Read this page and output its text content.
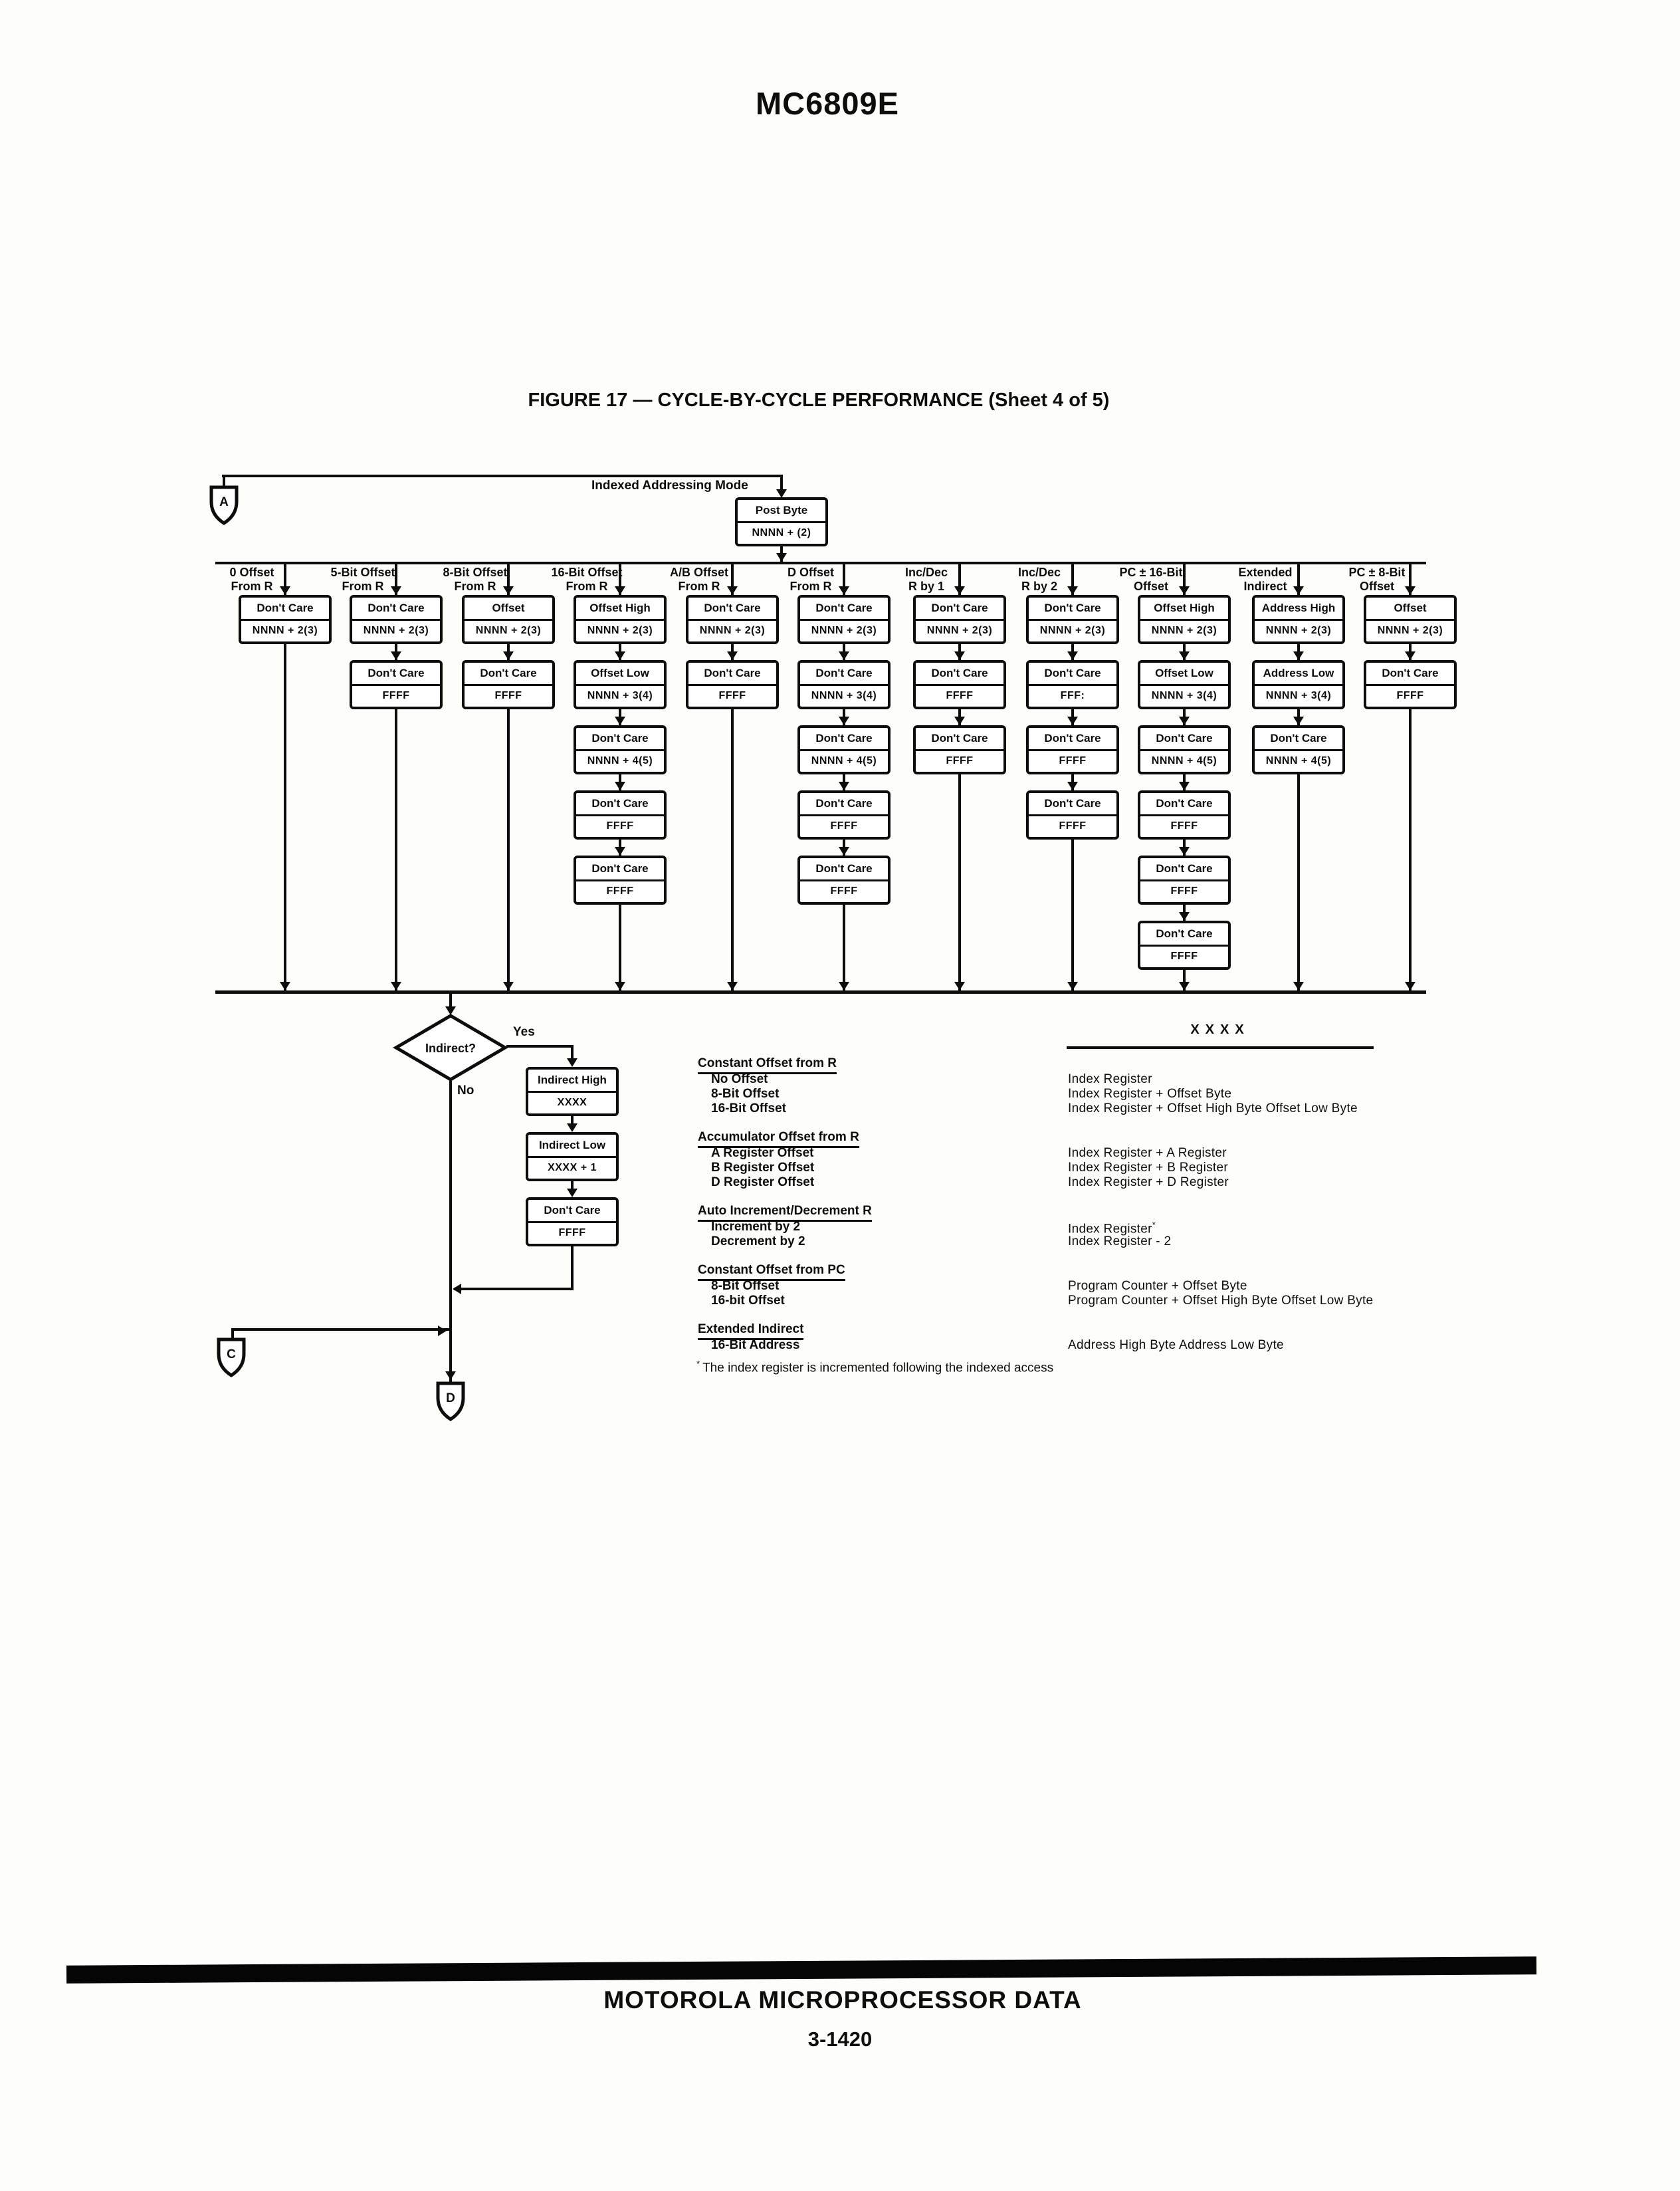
MC6809E
FIGURE 17 — CYCLE-BY-CYCLE PERFORMANCE (Sheet 4 of 5)
Indexed Addressing Mode
Yes
No
Post Byte
NNNN + (2)
Indirect?
A
C
D
XXXX
* The index register is incremented following the indexed access
MOTOROLA MICROPROCESSOR DATA
3-1420
0 Offset
From R
Don't Care
NNNN + 2(3)
5-Bit Offset
From R
Don't Care
NNNN + 2(3)
Don't Care
FFFF
8-Bit Offset
From R
Offset
NNNN + 2(3)
Don't Care
FFFF
16-Bit Offset
From R
Offset High
NNNN + 2(3)
Offset Low
NNNN + 3(4)
Don't Care
NNNN + 4(5)
Don't Care
FFFF
Don't Care
FFFF
A/B Offset
From R
Don't Care
NNNN + 2(3)
Don't Care
FFFF
D Offset
From R
Don't Care
NNNN + 2(3)
Don't Care
NNNN + 3(4)
Don't Care
NNNN + 4(5)
Don't Care
FFFF
Don't Care
FFFF
Inc/Dec
R by 1
Don't Care
NNNN + 2(3)
Don't Care
FFFF
Don't Care
FFFF
Inc/Dec
R by 2
Don't Care
NNNN + 2(3)
Don't Care
FFF:
Don't Care
FFFF
Don't Care
FFFF
PC ± 16-Bit
Offset
Offset High
NNNN + 2(3)
Offset Low
NNNN + 3(4)
Don't Care
NNNN + 4(5)
Don't Care
FFFF
Don't Care
FFFF
Don't Care
FFFF
Extended
Indirect
Address High
NNNN + 2(3)
Address Low
NNNN + 3(4)
Don't Care
NNNN + 4(5)
PC ± 8-Bit
Offset
Offset
NNNN + 2(3)
Don't Care
FFFF
Indirect High
XXXX
Indirect Low
XXXX + 1
Don't Care
FFFF
Constant Offset from R
No Offset	Index Register
8-Bit Offset	Index Register + Offset Byte
16-Bit Offset	Index Register + Offset High Byte Offset Low Byte
Accumulator Offset from R
A Register Offset	Index Register + A Register
B Register Offset	Index Register + B Register
D Register Offset	Index Register + D Register
Auto Increment/Decrement R
Increment by 2	Index Register*
Decrement by 2	Index Register - 2
Constant Offset from PC
8-Bit Offset	Program Counter + Offset Byte
16-bit Offset	Program Counter + Offset High Byte Offset Low Byte
Extended Indirect
16-Bit Address	Address High Byte Address Low Byte
